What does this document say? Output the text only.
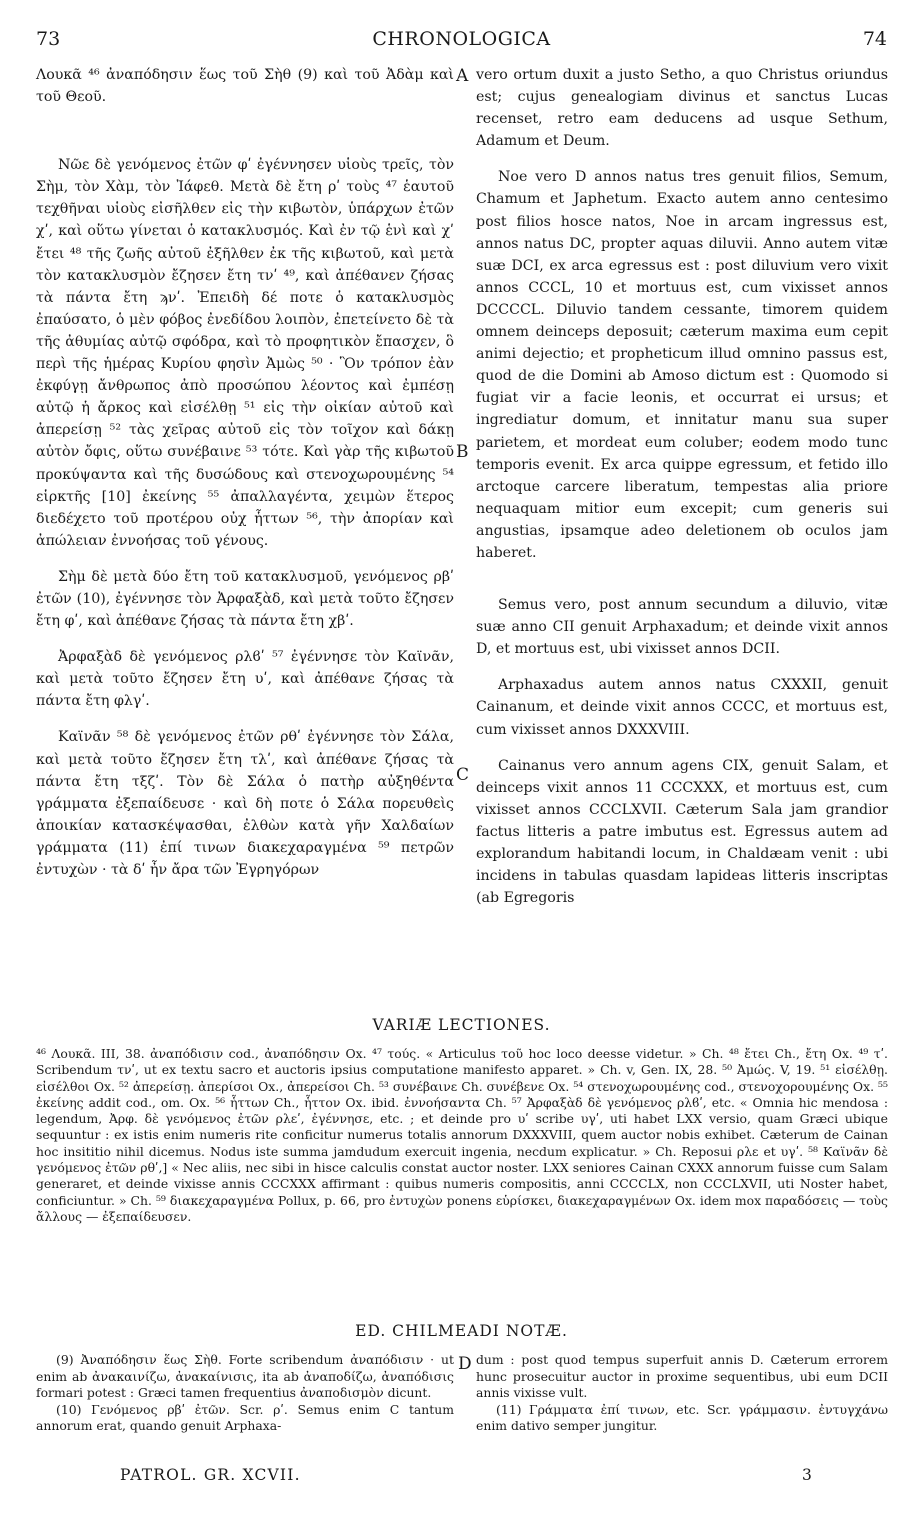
73	CHRONOLOGICA	74
A
B
C
D

Λουκᾶ ⁴⁶ ἀναπόδησιν ἕως τοῦ Σὴθ (9) καὶ τοῦ Ἀδὰμ καὶ τοῦ Θεοῦ.

Νῶε δὲ γενόμενος ἐτῶν φʹ ἐγέννησεν υἱοὺς τρεῖς, τὸν Σὴμ, τὸν Χὰμ, τὸν Ἰάφεθ. Μετὰ δὲ ἔτη ρʹ τοὺς ⁴⁷ ἑαυτοῦ τεχθῆναι υἱοὺς εἰσῆλθεν εἰς τὴν κιβωτὸν, ὑπάρχων ἐτῶν χʹ, καὶ οὕτω γίνεται ὁ κατακλυσμός. Καὶ ἐν τῷ ἑνὶ καὶ χʹ ἔτει ⁴⁸ τῆς ζωῆς αὐτοῦ ἐξῆλθεν ἐκ τῆς κιβωτοῦ, καὶ μετὰ τὸν κατακλυσμὸν ἔζησεν ἔτη τνʹ ⁴⁹, καὶ ἀπέθανεν ζήσας τὰ πάντα ἔτη ϡνʹ. Ἐπειδὴ δέ ποτε ὁ κατακλυσμὸς ἐπαύσατο, ὁ μὲν φόβος ἐνεδίδου λοιπὸν, ἐπετείνετο δὲ τὰ τῆς ἀθυμίας αὐτῷ σφόδρα, καὶ τὸ προφητικὸν ἔπασχεν, ὃ περὶ τῆς ἡμέρας Κυρίου φησὶν Ἀμὼς ⁵⁰ · Ὃν τρόπον ἐὰν ἐκφύγῃ ἄνθρωπος ἀπὸ προσώπου λέοντος καὶ ἐμπέσῃ αὐτῷ ἡ ἄρκος καὶ εἰσέλθῃ ⁵¹ εἰς τὴν οἰκίαν αὐτοῦ καὶ ἀπερείσῃ ⁵² τὰς χεῖρας αὐτοῦ εἰς τὸν τοῖχον καὶ δάκῃ αὐτὸν ὄφις, οὕτω συνέβαινε ⁵³ τότε. Καὶ γὰρ τῆς κιβωτοῦ προκύψαντα καὶ τῆς δυσώδους καὶ στενοχωρουμένης ⁵⁴ εἱρκτῆς [10] ἐκείνης ⁵⁵ ἀπαλλαγέντα, χειμὼν ἕτερος διεδέχετο τοῦ προτέρου οὐχ ἧττων ⁵⁶, τὴν ἀπορίαν καὶ ἀπώλειαν ἐννοήσας τοῦ γένους.

Σὴμ δὲ μετὰ δύο ἔτη τοῦ κατακλυσμοῦ, γενόμενος ρβʹ ἐτῶν (10), ἐγέννησε τὸν Ἀρφαξὰδ, καὶ μετὰ τοῦτο ἔζησεν ἔτη φʹ, καὶ ἀπέθανε ζήσας τὰ πάντα ἔτη χβʹ.

Ἀρφαξὰδ δὲ γενόμενος ρλϐʹ ⁵⁷ ἐγέννησε τὸν Καϊνᾶν, καὶ μετὰ τοῦτο ἔζησεν ἔτη υʹ, καὶ ἀπέθανε ζήσας τὰ πάντα ἔτη φλγʹ.

Καϊνᾶν ⁵⁸ δὲ γενόμενος ἐτῶν ρθʹ ἐγέννησε τὸν Σάλα, καὶ μετὰ τοῦτο ἔζησεν ἔτη τλʹ, καὶ ἀπέθανε ζήσας τὰ πάντα ἔτη τξζʹ. Τὸν δὲ Σάλα ὁ πατὴρ αὐξηθέντα γράμματα ἐξεπαίδευσε · καὶ δὴ ποτε ὁ Σάλα πορευθεὶς ἀποικίαν κατασκέψασθαι, ἐλθὼν κατὰ γῆν Χαλδαίων γράμματα (11) ἐπί τινων διακεχαραγμένα ⁵⁹ πετρῶν ἐντυχὼν · τὰ δʹ ἦν ἄρα τῶν Ἐγρηγόρων

vero ortum duxit a justo Setho, a quo Christus oriundus est; cujus genealogiam divinus et sanctus Lucas recenset, retro eam deducens ad usque Sethum, Adamum et Deum.

Noe vero D annos natus tres genuit filios, Semum, Chamum et Japhetum. Exacto autem anno centesimo post filios hosce natos, Noe in arcam ingressus est, annos natus DC, propter aquas diluvii. Anno autem vitæ suæ DCI, ex arca egressus est : post diluvium vero vixit annos CCCL, 10 et mortuus est, cum vixisset annos DCCCCL. Diluvio tandem cessante, timorem quidem omnem deinceps deposuit; cæterum maxima eum cepit animi dejectio; et propheticum illud omnino passus est, quod de die Domini ab Amoso dictum est : Quomodo si fugiat vir a facie leonis, et occurrat ei ursus; et ingrediatur domum, et innitatur manu sua super parietem, et mordeat eum coluber; eodem modo tunc temporis evenit. Ex arca quippe egressum, et fetido illo arctoque carcere liberatum, tempestas alia priore nequaquam mitior eum excepit; cum generis sui angustias, ipsamque adeo deletionem ob oculos jam haberet.

Semus vero, post annum secundum a diluvio, vitæ suæ anno CII genuit Arphaxadum; et deinde vixit annos D, et mortuus est, ubi vixisset annos DCII.

Arphaxadus autem annos natus CXXXII, genuit Cainanum, et deinde vixit annos CCCC, et mortuus est, cum vixisset annos DXXXVIII.

Cainanus vero annum agens CIX, genuit Salam, et deinceps vixit annos 11 CCCXXX, et mortuus est, cum vixisset annos CCCLXVII. Cæterum Sala jam grandior factus litteris a patre imbutus est. Egressus autem ad explorandum habitandi locum, in Chaldæam venit : ubi incidens in tabulas quasdam lapideas litteris inscriptas (ab Egregoris

VARIÆ LECTIONES.

⁴⁶ Λουκᾶ. III, 38. ἀναπόδισιν cod., ἀναπόδησιν Ox. ⁴⁷ τούς. « Articulus τοῦ hoc loco deesse videtur. » Ch. ⁴⁸ ἔτει Ch., ἔτη Ox. ⁴⁹ τʹ. Scribendum τνʹ, ut ex textu sacro et auctoris ipsius computatione manifesto apparet. » Ch. v, Gen. IX, 28. ⁵⁰ Ἀμώς. V, 19. ⁵¹ εἰσέλθῃ. εἰσέλθοι Ox. ⁵² ἀπερείσῃ. ἀπερίσοι Ox., ἀπερείσοι Ch. ⁵³ συνέβαινε Ch. συνέβενε Ox. ⁵⁴ στενοχωρουμένης cod., στενοχορουμένης Ox. ⁵⁵ ἐκείνης addit cod., om. Ox. ⁵⁶ ἧττων Ch., ἧττον Ox. ibid. ἐννοήσαντα Ch. ⁵⁷ Ἀρφαξὰδ δὲ γενόμενος ρλϐʹ, etc. « Omnia hic mendosa : legendum, Ἀρφ. δὲ γενόμενος ἐτῶν ρλεʹ, ἐγέννησε, etc. ; et deinde pro υʹ scribe υγʹ, uti habet LXX versio, quam Græci ubique sequuntur : ex istis enim numeris rite conficitur numerus totalis annorum DXXXVIII, quem auctor nobis exhibet. Cæterum de Cainan hoc insititio nihil dicemus. Nodus iste summa jamdudum exercuit ingenia, necdum explicatur. » Ch. Reposui ρλε et υγʹ. ⁵⁸ Καϊνᾶν δὲ γενόμενος ἐτῶν ρθʹ,] « Nec aliis, nec sibi in hisce calculis constat auctor noster. LXX seniores Cainan CXXX annorum fuisse cum Salam generaret, et deinde vixisse annis CCCXXX affirmant : quibus numeris compositis, anni CCCCLX, non CCCLXVII, uti Noster habet, conficiuntur. » Ch. ⁵⁹ διακεχαραγμένα Pollux, p. 66, pro ἐντυχὼν ponens εὑρίσκει, διακεχαραγμένων Ox. idem mox παραδόσεις — τοὺς ἄλλους — ἐξεπαίδευσεν.

ED. CHILMEADI NOTÆ.

(9) Ἀναπόδησιν ἕως Σὴθ. Forte scribendum ἀναπόδισιν · ut enim ab ἀνακαινίζω, ἀνακαίνισις, ita ab ἀναποδίζω, ἀναπόδισις formari potest : Græci tamen frequentius ἀναποδισμὸν dicunt.

(10) Γενόμενος ρβʹ ἐτῶν. Scr. ρʹ. Semus enim C tantum annorum erat, quando genuit Arphaxa-

dum : post quod tempus superfuit annis D. Cæterum errorem hunc prosecuitur auctor in proxime sequentibus, ubi eum DCII annis vixisse vult.

(11) Γράμματα ἐπί τινων, etc. Scr. γράμμασιν. ἐντυγχάνω enim dativo semper jungitur.

PATROL. GR. XCVII.	3
